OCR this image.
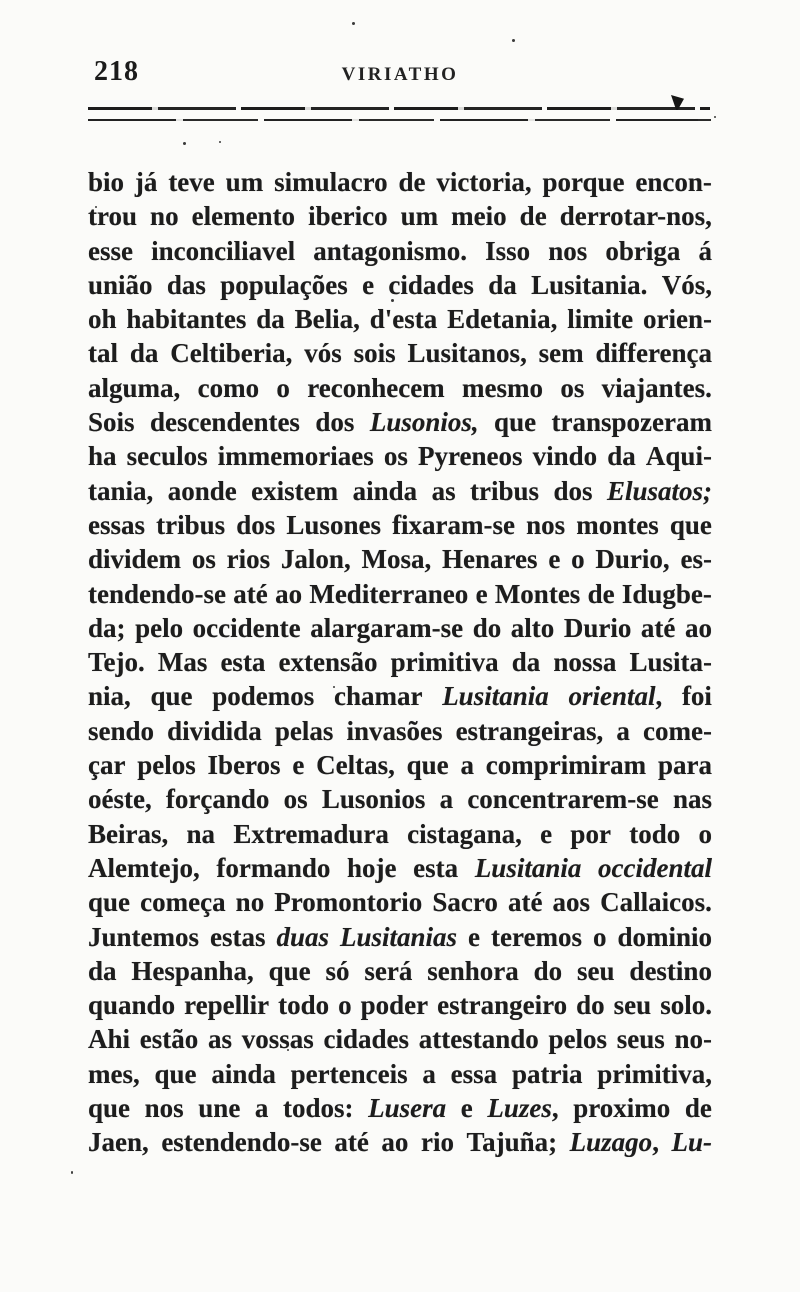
218	VIRIATHO
bio já teve um simulacro de victoria, porque encon-
trou no elemento iberico um meio de derrotar-nos,
esse inconciliavel antagonismo. Isso nos obriga á
união das populações e cidades da Lusitania. Vós,
oh habitantes da Belia, d'esta Edetania, limite orien-
tal da Celtiberia, vós sois Lusitanos, sem differença
alguma, como o reconhecem mesmo os viajantes.
Sois descendentes dos Lusonios, que transpozeram
ha seculos immemoriaes os Pyreneos vindo da Aqui-
tania, aonde existem ainda as tribus dos Elusatos;
essas tribus dos Lusones fixaram-se nos montes que
dividem os rios Jalon, Mosa, Henares e o Durio, es-
tendendo-se até ao Mediterraneo e Montes de Idugbe-
da; pelo occidente alargaram-se do alto Durio até ao
Tejo. Mas esta extensão primitiva da nossa Lusita-
nia, que podemos chamar Lusitania oriental, foi
sendo dividida pelas invasões estrangeiras, a come-
çar pelos Iberos e Celtas, que a comprimiram para
oéste, forçando os Lusonios a concentrarem-se nas
Beiras, na Extremadura cistagana, e por todo o
Alemtejo, formando hoje esta Lusitania occidental
que começa no Promontorio Sacro até aos Callaicos.
Juntemos estas duas Lusitanias e teremos o dominio
da Hespanha, que só será senhora do seu destino
quando repellir todo o poder estrangeiro do seu solo.
Ahi estão as vossas cidades attestando pelos seus no-
mes, que ainda pertenceis a essa patria primitiva,
que nos une a todos: Lusera e Luzes, proximo de
Jaen, estendendo-se até ao rio Tajuña; Luzago, Lu-
